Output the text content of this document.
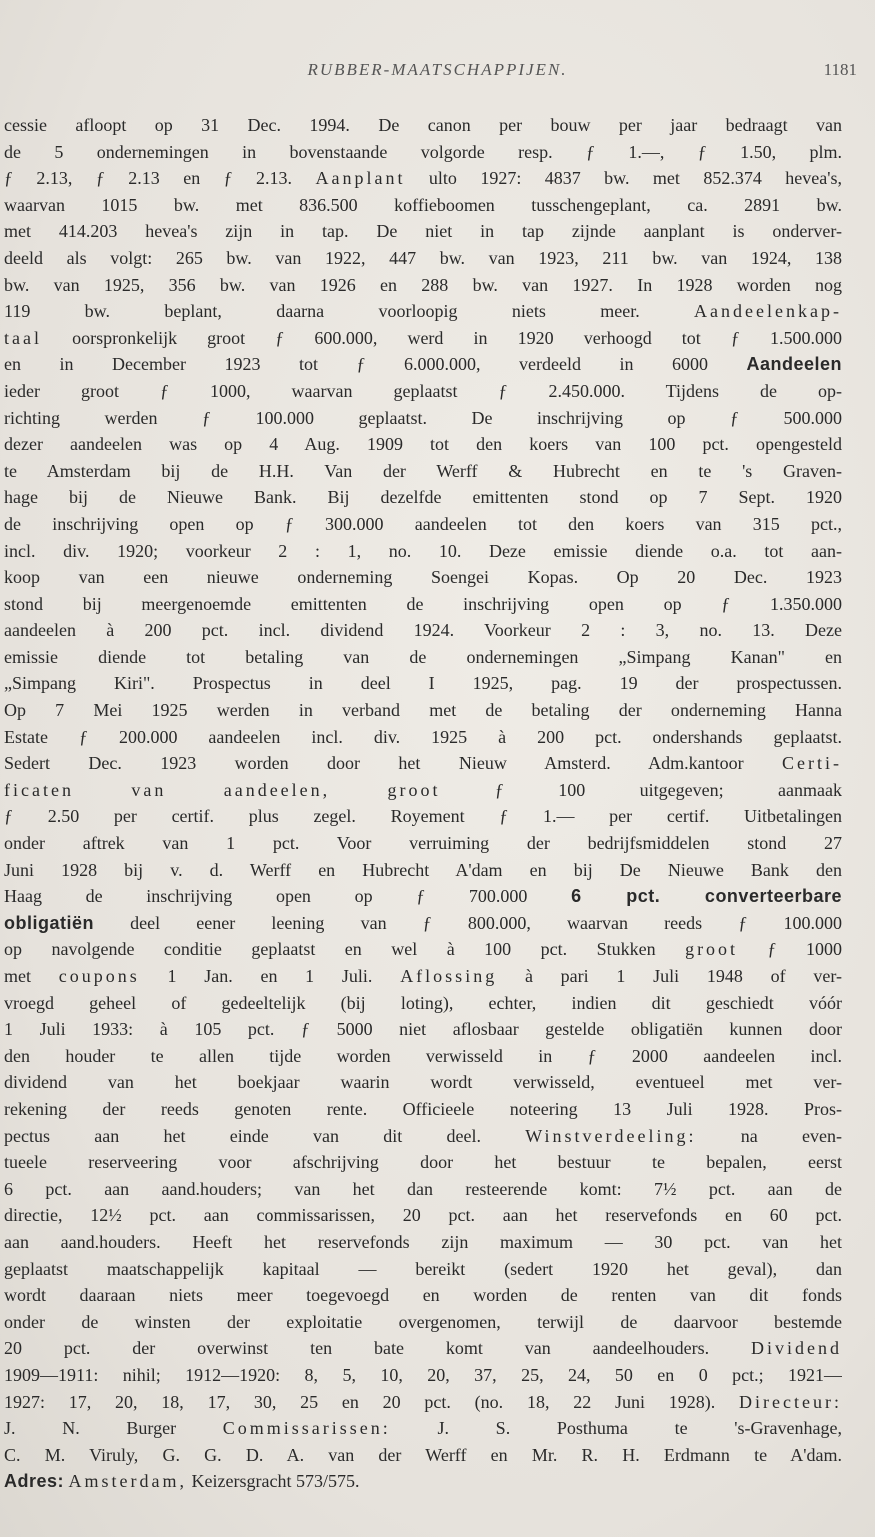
RUBBER-MAATSCHAPPIJEN.	1181
cessie afloopt op 31 Dec. 1994. De canon per bouw per jaar bedraagt van
de 5 ondernemingen in bovenstaande volgorde resp. ƒ 1.—, ƒ 1.50, plm.
ƒ 2.13, ƒ 2.13 en ƒ 2.13. Aanplant ulto 1927: 4837 bw. met 852.374 hevea's,
waarvan 1015 bw. met 836.500 koffieboomen tusschengeplant, ca. 2891 bw.
met 414.203 hevea's zijn in tap. De niet in tap zijnde aanplant is onderver-
deeld als volgt: 265 bw. van 1922, 447 bw. van 1923, 211 bw. van 1924, 138
bw. van 1925, 356 bw. van 1926 en 288 bw. van 1927. In 1928 worden nog
119 bw. beplant, daarna voorloopig niets meer. Aandeelenkap-
taal oorspronkelijk groot ƒ 600.000, werd in 1920 verhoogd tot ƒ 1.500.000
en in December 1923 tot ƒ 6.000.000, verdeeld in 6000 Aandeelen
ieder groot ƒ 1000, waarvan geplaatst ƒ 2.450.000. Tijdens de op-
richting werden ƒ 100.000 geplaatst. De inschrijving op ƒ 500.000
dezer aandeelen was op 4 Aug. 1909 tot den koers van 100 pct. opengesteld
te Amsterdam bij de H.H. Van der Werff & Hubrecht en te 's Graven-
hage bij de Nieuwe Bank. Bij dezelfde emittenten stond op 7 Sept. 1920
de inschrijving open op ƒ 300.000 aandeelen tot den koers van 315 pct.,
incl. div. 1920; voorkeur 2 : 1, no. 10. Deze emissie diende o.a. tot aan-
koop van een nieuwe onderneming Soengei Kopas. Op 20 Dec. 1923
stond bij meergenoemde emittenten de inschrijving open op ƒ 1.350.000
aandeelen à 200 pct. incl. dividend 1924. Voorkeur 2 : 3, no. 13. Deze
emissie diende tot betaling van de ondernemingen „Simpang Kanan" en
„Simpang Kiri". Prospectus in deel I 1925, pag. 19 der prospectussen.
Op 7 Mei 1925 werden in verband met de betaling der onderneming Hanna
Estate ƒ 200.000 aandeelen incl. div. 1925 à 200 pct. ondershands geplaatst.
Sedert Dec. 1923 worden door het Nieuw Amsterd. Adm.kantoor Certi-
ficaten van aandeelen, groot ƒ 100 uitgegeven; aanmaak
ƒ 2.50 per certif. plus zegel. Royement ƒ 1.— per certif. Uitbetalingen
onder aftrek van 1 pct. Voor verruiming der bedrijfsmiddelen stond 27
Juni 1928 bij v. d. Werff en Hubrecht A'dam en bij De Nieuwe Bank den
Haag de inschrijving open op ƒ 700.000 6 pct. converteerbare
obligatiën deel eener leening van ƒ 800.000, waarvan reeds ƒ 100.000
op navolgende conditie geplaatst en wel à 100 pct. Stukken groot ƒ 1000
met coupons 1 Jan. en 1 Juli. Aflossing à pari 1 Juli 1948 of ver-
vroegd geheel of gedeeltelijk (bij loting), echter, indien dit geschiedt vóór
1 Juli 1933: à 105 pct. ƒ 5000 niet aflosbaar gestelde obligatiën kunnen door
den houder te allen tijde worden verwisseld in ƒ 2000 aandeelen incl.
dividend van het boekjaar waarin wordt verwisseld, eventueel met ver-
rekening der reeds genoten rente. Officieele noteering 13 Juli 1928. Pros-
pectus aan het einde van dit deel. Winstverdeeling: na even-
tueele reserveering voor afschrijving door het bestuur te bepalen, eerst
6 pct. aan aand.houders; van het dan resteerende komt: 7½ pct. aan de
directie, 12½ pct. aan commissarissen, 20 pct. aan het reservefonds en 60 pct.
aan aand.houders. Heeft het reservefonds zijn maximum — 30 pct. van het
geplaatst maatschappelijk kapitaal — bereikt (sedert 1920 het geval), dan
wordt daaraan niets meer toegevoegd en worden de renten van dit fonds
onder de winsten der exploitatie overgenomen, terwijl de daarvoor bestemde
20 pct. der overwinst ten bate komt van aandeelhouders. Dividend
1909—1911: nihil; 1912—1920: 8, 5, 10, 20, 37, 25, 24, 50 en 0 pct.; 1921—
1927: 17, 20, 18, 17, 30, 25 en 20 pct. (no. 18, 22 Juni 1928). Directeur:
J. N. Burger Commissarissen: J. S. Posthuma te 's-Gravenhage,
C. M. Viruly, G. G. D. A. van der Werff en Mr. R. H. Erdmann te A'dam.
Adres: Amsterdam, Keizersgracht 573/575.
